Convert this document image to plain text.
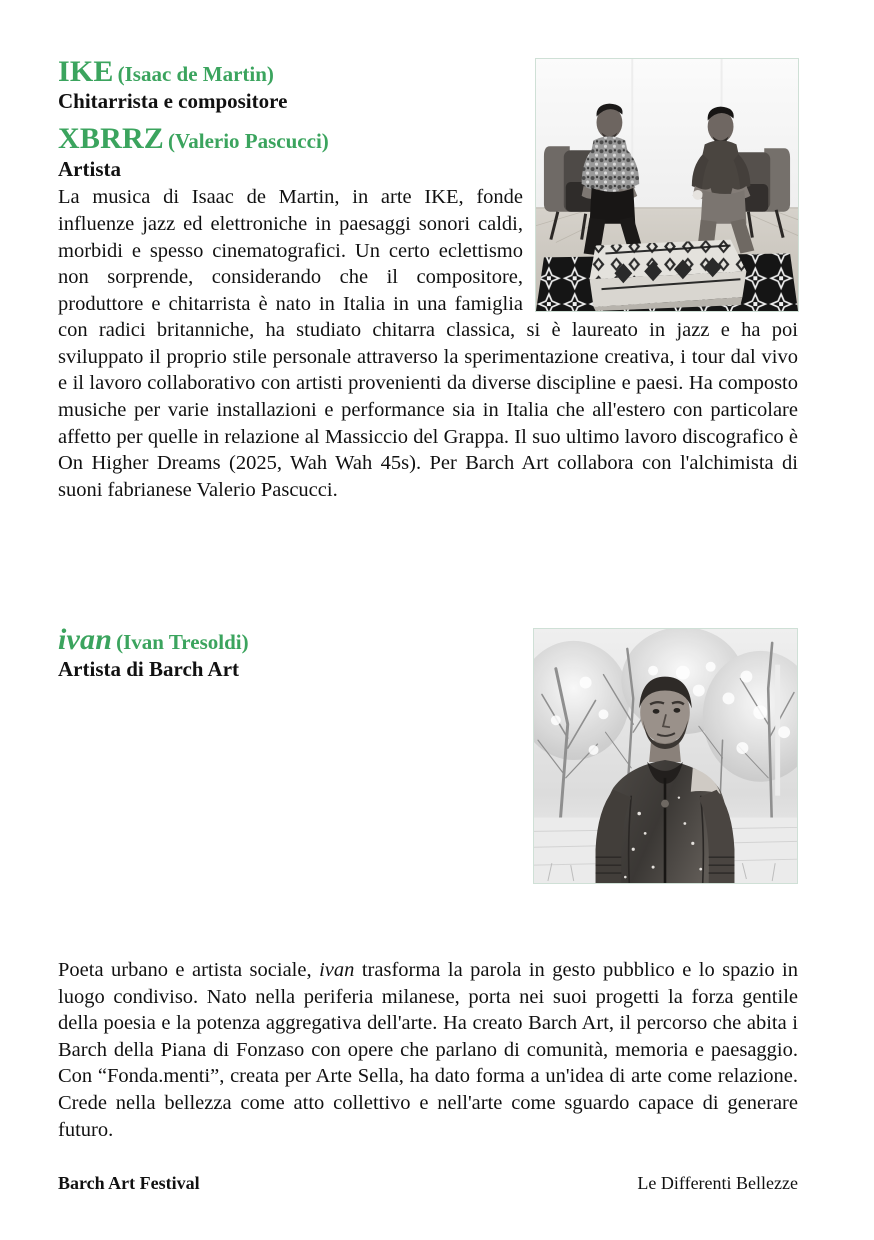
IKE (Isaac de Martin)

Chitarrista e compositore

XBRRZ (Valerio Pascucci)

Artista

La musica di Isaac de Martin, in arte IKE, fonde influenze jazz ed elettroniche in paesaggi sonori caldi, morbidi e spesso cinematografici. Un certo eclettismo non sorprende, considerando che il compositore, produttore e chitarrista è nato in Italia in una famiglia con radici britanniche, ha studiato chitarra classica, si è laureato in jazz e ha poi sviluppato il proprio stile personale attraverso la sperimentazione creativa, i tour dal vivo e il lavoro collaborativo con artisti provenienti da diverse discipline e paesi. Ha composto musiche per varie installazioni e performance sia in Italia che all'estero con particolare affetto per quelle in relazione al Massiccio del Grappa. Il suo ultimo lavoro discografico è On Higher Dreams (2025, Wah Wah 45s). Per Barch Art collabora con l'alchimista di suoni fabrianese Valerio Pascucci.

ivan (Ivan Tresoldi)

Artista di Barch Art

Poeta urbano e artista sociale, ivan trasforma la parola in gesto pubblico e lo spazio in luogo condiviso. Nato nella periferia milanese, porta nei suoi progetti la forza gentile della poesia e la potenza aggregativa dell'arte. Ha creato Barch Art, il percorso che abita i Barch della Piana di Fonzaso con opere che parlano di comunità, memoria e paesaggio. Con “Fonda.menti”, creata per Arte Sella, ha dato forma a un'idea di arte come relazione. Crede nella bellezza come atto collettivo e nell'arte come sguardo capace di generare futuro.

Barch Art Festival	Le Differenti Bellezze
